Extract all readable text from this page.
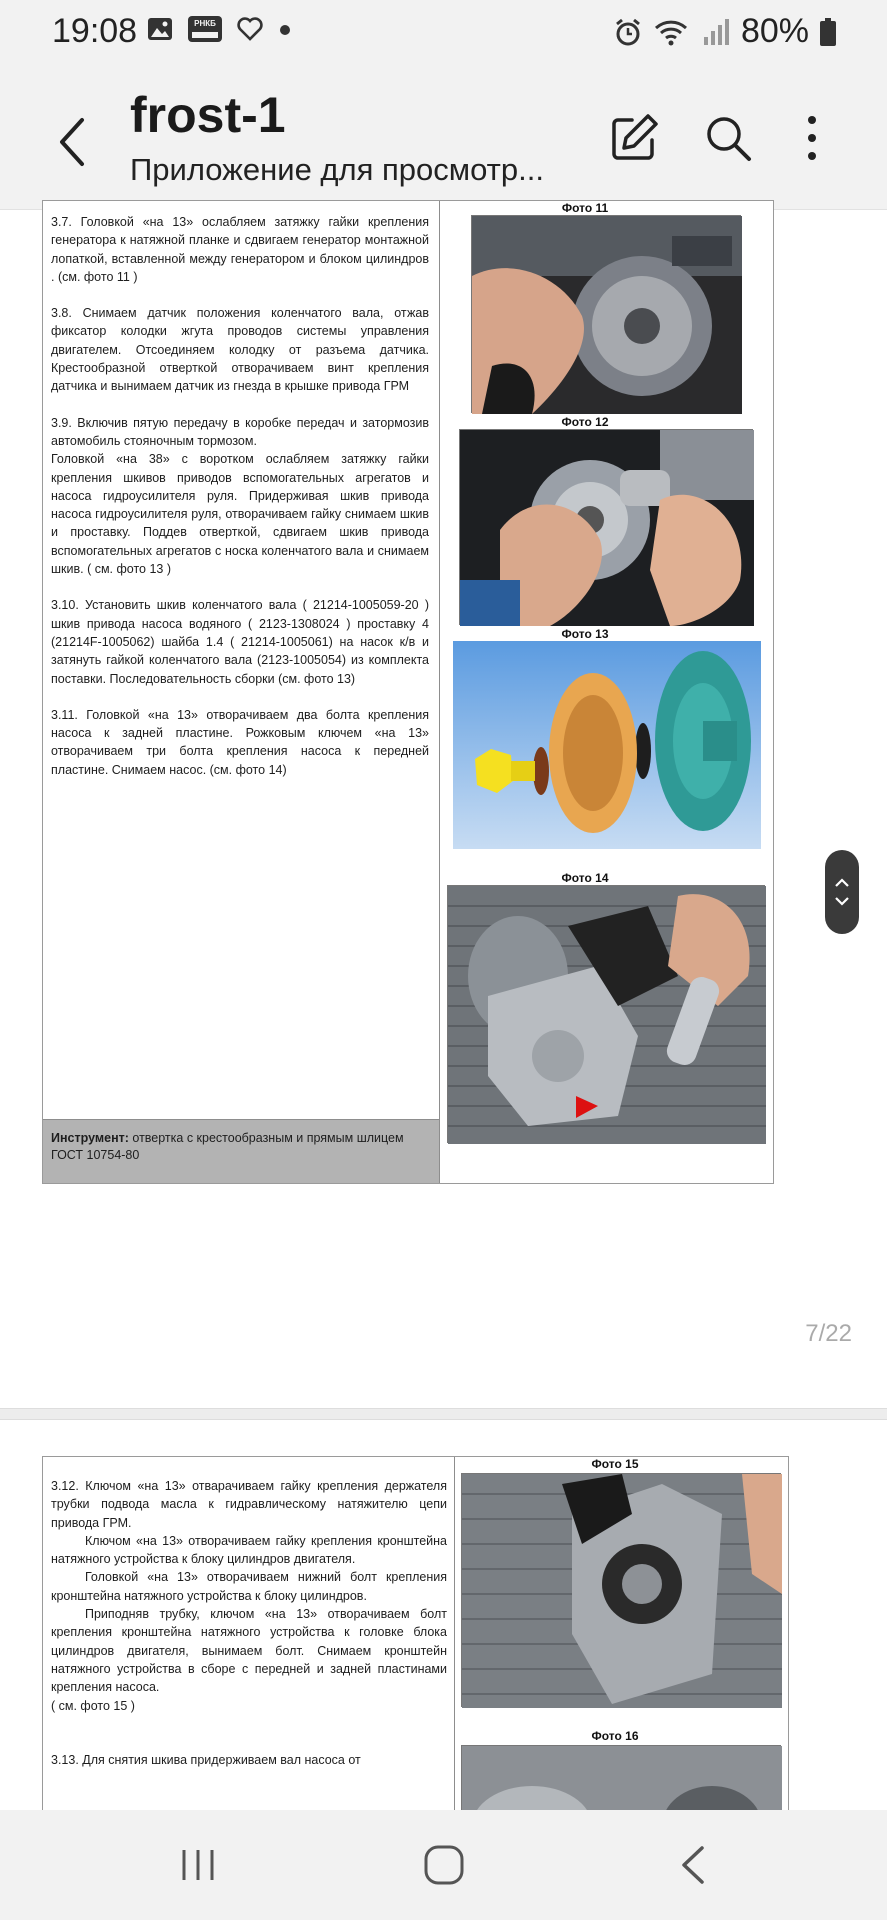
19:08	РНКБ	80%
frost-1
Приложение для просмотр...

3.7. Головкой «на 13» ослабляем затяжку гайки крепления генератора к натяжной планке и сдвигаем генератор монтажной лопаткой, вставленной между генератором и блоком цилиндров . (см. фото 11 )

3.8. Снимаем датчик положения коленчатого вала, отжав фиксатор колодки жгута проводов системы управления двигателем. Отсоединяем колодку от разъема датчика. Крестообразной отверткой отворачиваем винт крепления датчика и вынимаем датчик из гнезда в крышке привода ГРМ

3.9. Включив пятую передачу в коробке передач и затормозив автомобиль стояночным тормозом.
Головкой «на 38» с воротком ослабляем затяжку гайки крепления шкивов приводов вспомогательных агрегатов и насоса гидроусилителя руля. Придерживая шкив привода насоса гидроусилителя руля, отворачиваем гайку снимаем шкив и проставку. Поддев отверткой, сдвигаем шкив привода вспомогательных агрегатов с носка коленчатого вала и снимаем шкив. ( см. фото 13 )

3.10. Установить шкив коленчатого вала ( 21214-1005059-20 ) шкив привода насоса водяного ( 2123-1308024 ) проставку 4 (21214F-1005062) шайба 1.4 ( 21214-1005061) на насок к/в и затянуть гайкой коленчатого вала (2123-1005054) из комплекта поставки. Последовательность сборки (см. фото 13)

3.11. Головкой «на 13» отворачиваем два болта крепления насоса к задней пластине. Рожковым ключем «на 13» отворачиваем три болта крепления насоса к передней пластине. Снимаем насос. (см. фото 14)

Инструмент: отвертка с крестообразным и прямым шлицем ГОСТ 10754-80
Фото 11
Фото 12
Фото 13
Фото 14
7/22

3.12. Ключом «на 13» отварачиваем гайку крепления держателя трубки подвода масла к гидравлическому натяжителю цепи привода ГРМ.

Ключом «на 13» отворачиваем гайку крепления кронштейна натяжного устройства к блоку цилиндров двигателя.

Головкой «на 13» отворачиваем нижний болт крепления кронштейна натяжного устройства к блоку цилиндров.

Приподняв трубку, ключом «на 13» отворачиваем болт крепления кронштейна натяжного устройства к головке блока цилиндров двигателя, вынимаем болт. Снимаем кронштейн натяжного устройства в сборе с передней и задней пластинами крепления насоса.

( см. фото 15 )

3.13. Для снятия шкива придерживаем вал насоса от

Фото 15
Фото 16
